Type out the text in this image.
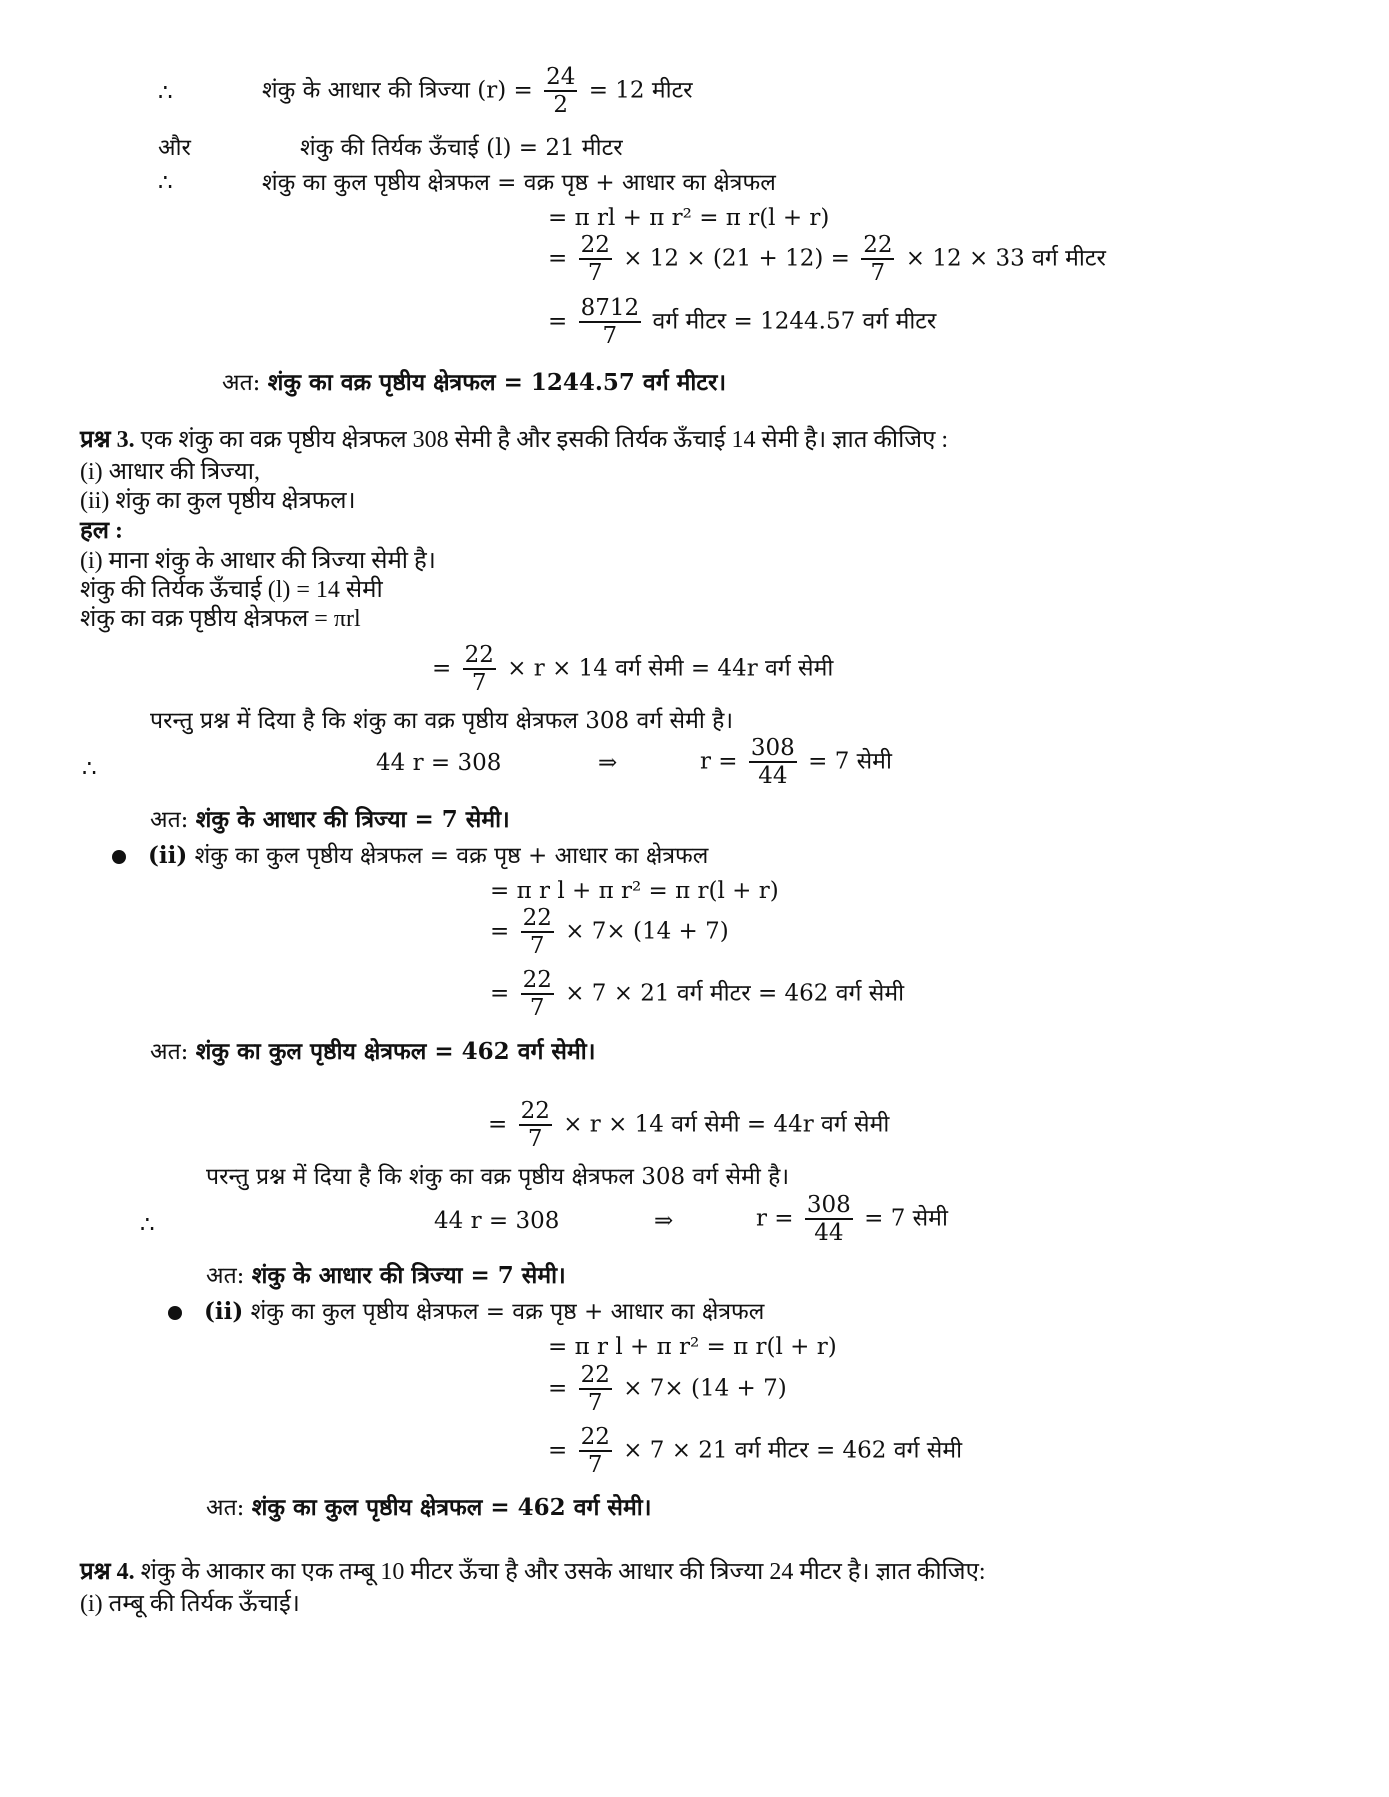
∴	शंकु के आधार की त्रिज्या $(r) = \frac{24}{2} = 12$ मीटर
और	शंकु की तिर्यक ऊँचाई (l) = 21 मीटर
∴	शंकु का कुल पृष्ठीय क्षेत्रफल = वक्र पृष्ठ + आधार का क्षेत्रफल
= π rl + π r² = π r(l + r)
= $\frac{22}{7} \times 12 \times (21 + 12) = \frac{22}{7} \times 12 \times 33$ वर्ग मीटर
= $\frac{8712}{7}$ वर्ग मीटर = 1244.57 वर्ग मीटर
अत: शंकु का वक्र पृष्ठीय क्षेत्रफल = 1244.57 वर्ग मीटर।
प्रश्न 3. एक शंकु का वक्र पृष्ठीय क्षेत्रफल 308 सेमी है और इसकी तिर्यक ऊँचाई 14 सेमी है। ज्ञात कीजिए :
(i) आधार की त्रिज्या,
(ii) शंकु का कुल पृष्ठीय क्षेत्रफल।
हल :
(i) माना शंकु के आधार की त्रिज्या सेमी है।
शंकु की तिर्यक ऊँचाई (l) = 14 सेमी
शंकु का वक्र पृष्ठीय क्षेत्रफल = πrl
= $\frac{22}{7} \times r \times 14$ वर्ग सेमी = 44r वर्ग सेमी
परन्तु प्रश्न में दिया है कि शंकु का वक्र पृष्ठीय क्षेत्रफल 308 वर्ग सेमी है।
∴	44 r = 308	⇒	$r = \frac{308}{44} = 7$ सेमी
अत: शंकु के आधार की त्रिज्या = 7 सेमी।
(ii) शंकु का कुल पृष्ठीय क्षेत्रफल = वक्र पृष्ठ + आधार का क्षेत्रफल
= π r l + π r² = π r(l + r)
= $\frac{22}{7} \times 7\times (14 + 7)$
= $\frac{22}{7} \times 7 \times 21$ वर्ग मीटर = 462 वर्ग सेमी
अत: शंकु का कुल पृष्ठीय क्षेत्रफल = 462 वर्ग सेमी।
= $\frac{22}{7} \times r \times 14$ वर्ग सेमी = 44r वर्ग सेमी
परन्तु प्रश्न में दिया है कि शंकु का वक्र पृष्ठीय क्षेत्रफल 308 वर्ग सेमी है।
∴	44 r = 308	⇒	$r = \frac{308}{44} = 7$ सेमी
अत: शंकु के आधार की त्रिज्या = 7 सेमी।
(ii) शंकु का कुल पृष्ठीय क्षेत्रफल = वक्र पृष्ठ + आधार का क्षेत्रफल
= π r l + π r² = π r(l + r)
= $\frac{22}{7} \times 7\times (14 + 7)$
= $\frac{22}{7} \times 7 \times 21$ वर्ग मीटर = 462 वर्ग सेमी
अत: शंकु का कुल पृष्ठीय क्षेत्रफल = 462 वर्ग सेमी।
प्रश्न 4. शंकु के आकार का एक तम्बू 10 मीटर ऊँचा है और उसके आधार की त्रिज्या 24 मीटर है। ज्ञात कीजिए:
(i) तम्बू की तिर्यक ऊँचाई।
